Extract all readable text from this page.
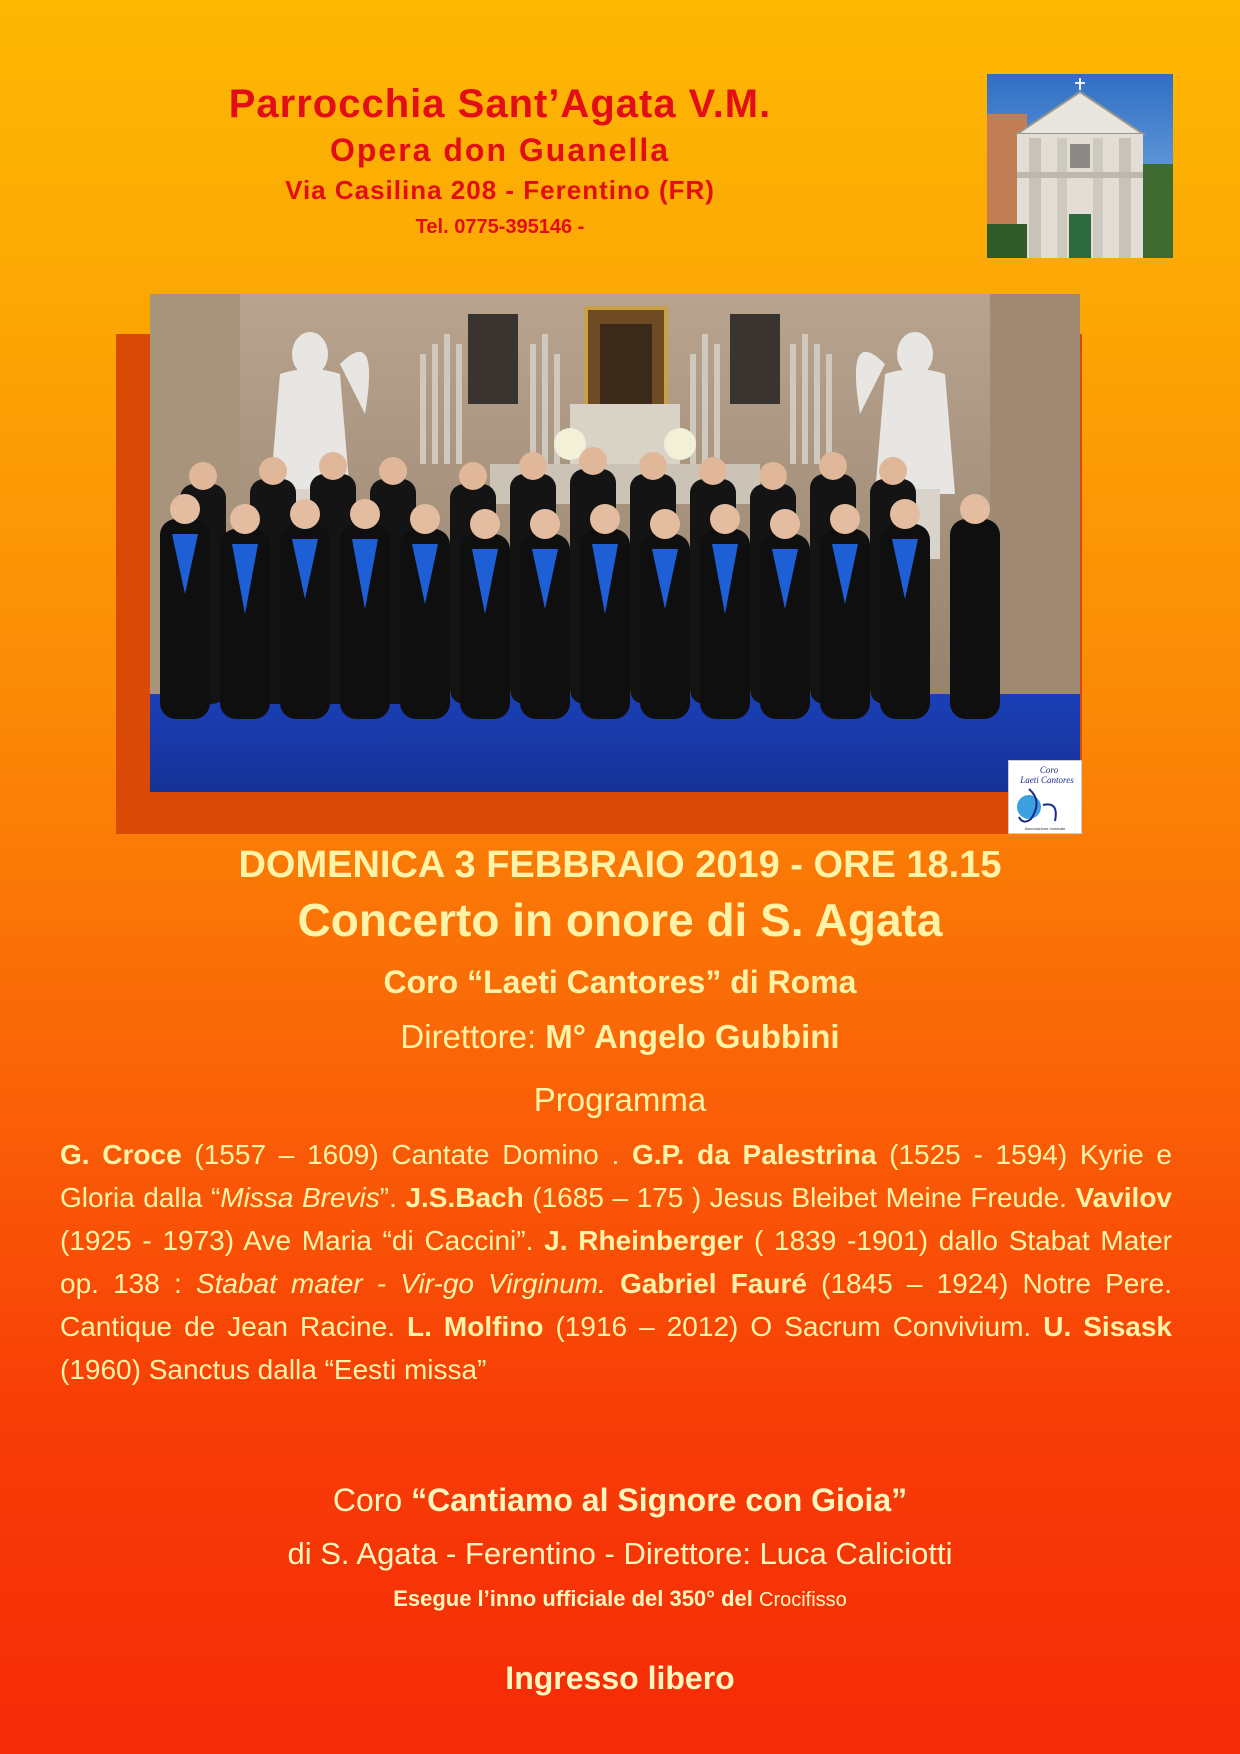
Parrocchia Sant’Agata V.M.
Opera don Guanella
Via Casilina 208 - Ferentino (FR)
Tel. 0775-395146 -
Coro
Laeti Cantores
Associazione musicale
DOMENICA 3 FEBBRAIO 2019 - ORE 18.15
Concerto in onore di S. Agata
Coro “Laeti Cantores” di Roma
Direttore: M° Angelo Gubbini
Programma
G. Croce (1557 – 1609) Cantate Domino . G.P. da Palestrina (1525 - 1594) Kyrie e Gloria dalla “Missa Brevis”. J.S.Bach (1685 – 175 ) Jesus Bleibet Meine Freude. Vavilov (1925 - 1973) Ave Maria “di Caccini”. J. Rheinberger ( 1839 -1901) dallo Stabat Mater op. 138 : Stabat mater - Vir-go Virginum. Gabriel Fauré (1845 – 1924) Notre Pere. Cantique de Jean Racine. L. Molfino (1916 – 2012) O Sacrum Convivium. U. Sisask (1960) Sanctus dalla “Eesti missa”
Coro “Cantiamo al Signore con Gioia”
di S. Agata - Ferentino - Direttore: Luca Caliciotti
Esegue l’inno ufficiale del 350° del Crocifisso
Ingresso libero
